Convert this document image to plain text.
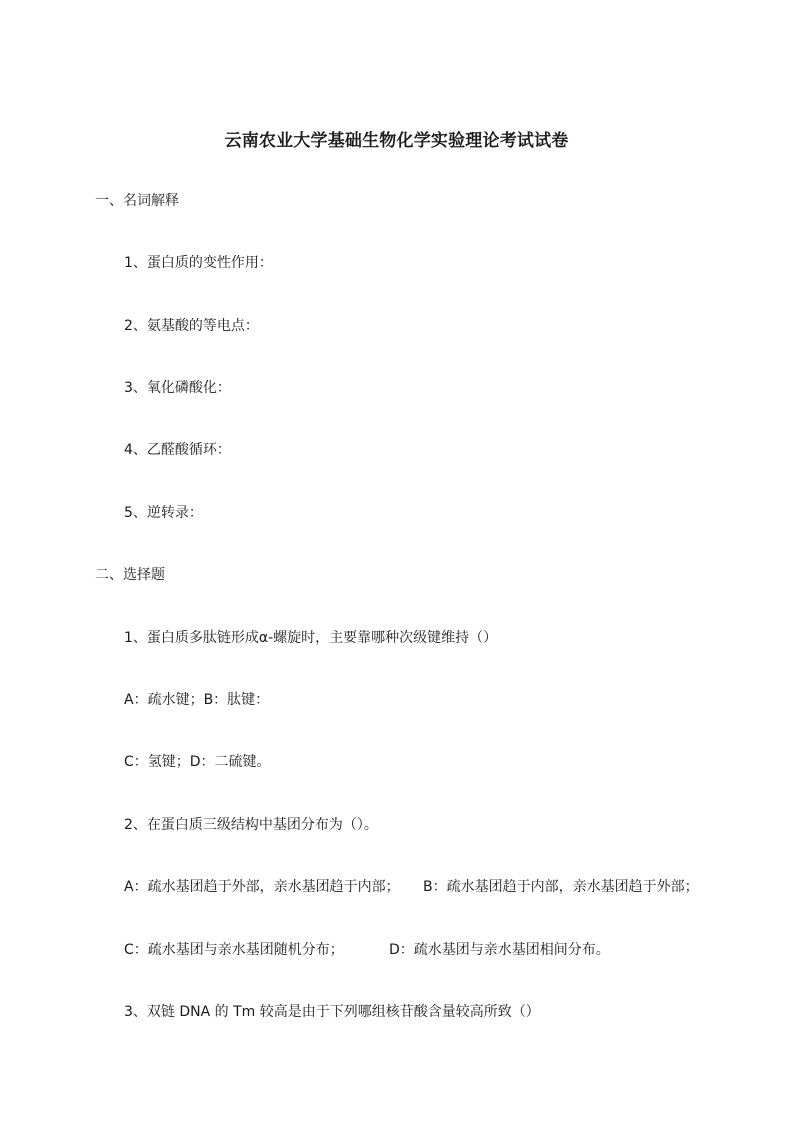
云南农业大学基础生物化学实验理论考试试卷
一、名词解释
1、蛋白质的变性作用：
2、氨基酸的等电点：
3、氧化磷酸化：
4、乙醛酸循环：
5、逆转录：
二、选择题
1、蛋白质多肽链形成α-螺旋时，主要靠哪种次级键维持（）
A：疏水键；B：肽键：
C：氢键；D：二硫键。
2、在蛋白质三级结构中基团分布为（）。
A：疏水基团趋于外部，亲水基团趋于内部； B：疏水基团趋于内部，亲水基团趋于外部；
C：疏水基团与亲水基团随机分布；	D：疏水基团与亲水基团相间分布。
3、双链 DNA 的 Tm 较高是由于下列哪组核苷酸含量较高所致（）
